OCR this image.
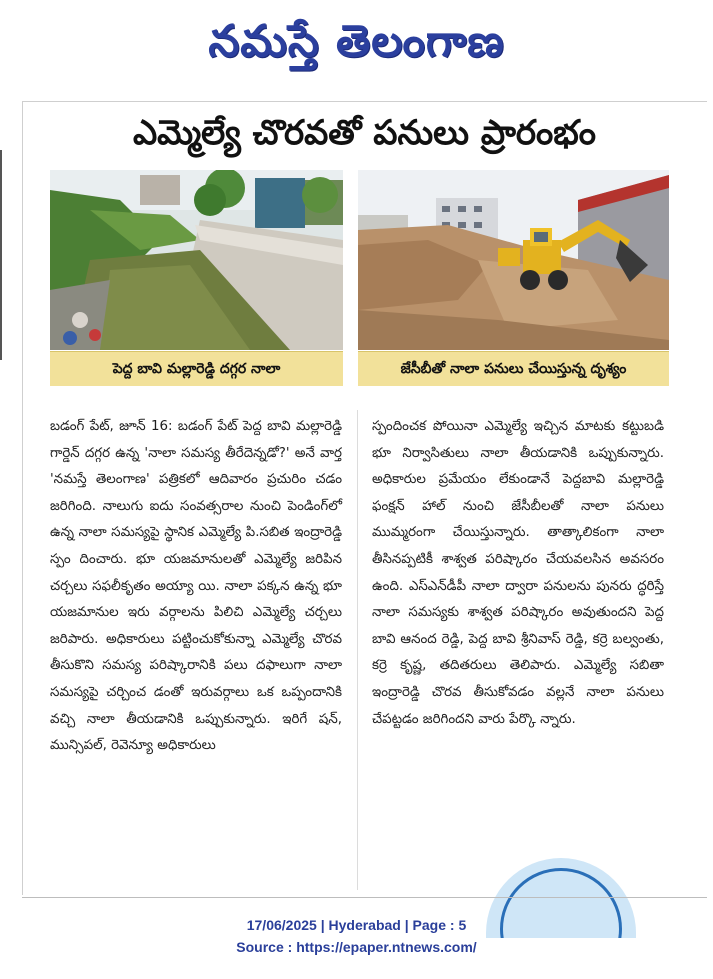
నమస్తే తెలంగాణ
ఎమ్మెల్యే చొరవతో పనులు ప్రారంభం
పెద్ద బావి మల్లారెడ్డి దగ్గర నాలా	జేసీబీతో నాలా పనులు చేయిస్తున్న దృశ్యం

బడంగ్ పేట్, జూన్ 16: బడంగ్ పేట్ పెద్ద బావి మల్లారెడ్డి గార్డెన్ దగ్గర ఉన్న 'నాలా సమస్య తీరేదెన్నడో?' అనే వార్త 'నమస్తే తెలంగాణ' పత్రికలో ఆదివారం ప్రచురిం చడం జరిగింది. నాలుగు ఐదు సంవత్సరాల నుంచి పెండింగ్‌లో ఉన్న నాలా సమస్యపై స్థానిక ఎమ్మెల్యే పి.సబిత ఇంద్రారెడ్డి స్పం దించారు. భూ యజమానులతో ఎమ్మెల్యే జరిపిన చర్చలు సఫలీకృతం అయ్యా యి. నాలా పక్కన ఉన్న భూ యజమానుల ఇరు వర్గాలను పిలిచి ఎమ్మెల్యే చర్చలు జరిపారు. అధికారులు పట్టించుకోకున్నా ఎమ్మెల్యే చొరవ తీసుకొని సమస్య పరిష్కారానికి పలు దఫాలుగా నాలా సమస్యపై చర్చించ డంతో ఇరువర్గాలు ఒక ఒప్పందానికి వచ్చి నాలా తీయడానికి ఒప్పుకున్నారు. ఇరిగే షన్, మున్సిపల్, రెవెన్యూ అధికారులు

స్పందించక పోయినా ఎమ్మెల్యే ఇచ్చిన మాటకు కట్టుబడి భూ నిర్వాసితులు నాలా తీయడానికి ఒప్పుకున్నారు. అధికారుల ప్రమేయం లేకుండానే పెద్దబావి మల్లారెడ్డి ఫంక్షన్ హాల్ నుంచి జేసీబీలతో నాలా పనులు ముమ్మరంగా చేయిస్తున్నారు. తాత్కాలికంగా నాలా తీసినప్పటికీ శాశ్వత పరిష్కారం చేయవలసిన అవసరం ఉంది. ఎస్ఎన్‌డీపీ నాలా ద్వారా పనులను పునరు ద్ధరిస్తే నాలా సమస్యకు శాశ్వత పరిష్కారం అవుతుందని పెద్ద బావి ఆనంద రెడ్డి, పెద్ద బావి శ్రీనివాస్ రెడ్డి, కర్రె బల్వంతు, కర్రె కృష్ణ, తదితరులు తెలిపారు. ఎమ్మెల్యే సబితా ఇంద్రారెడ్డి చొరవ తీసుకోవడం వల్లనే నాలా పనులు చేపట్టడం జరిగిందని వారు పేర్కొ న్నారు.

17/06/2025 | Hyderabad | Page : 5
Source : https://epaper.ntnews.com/
